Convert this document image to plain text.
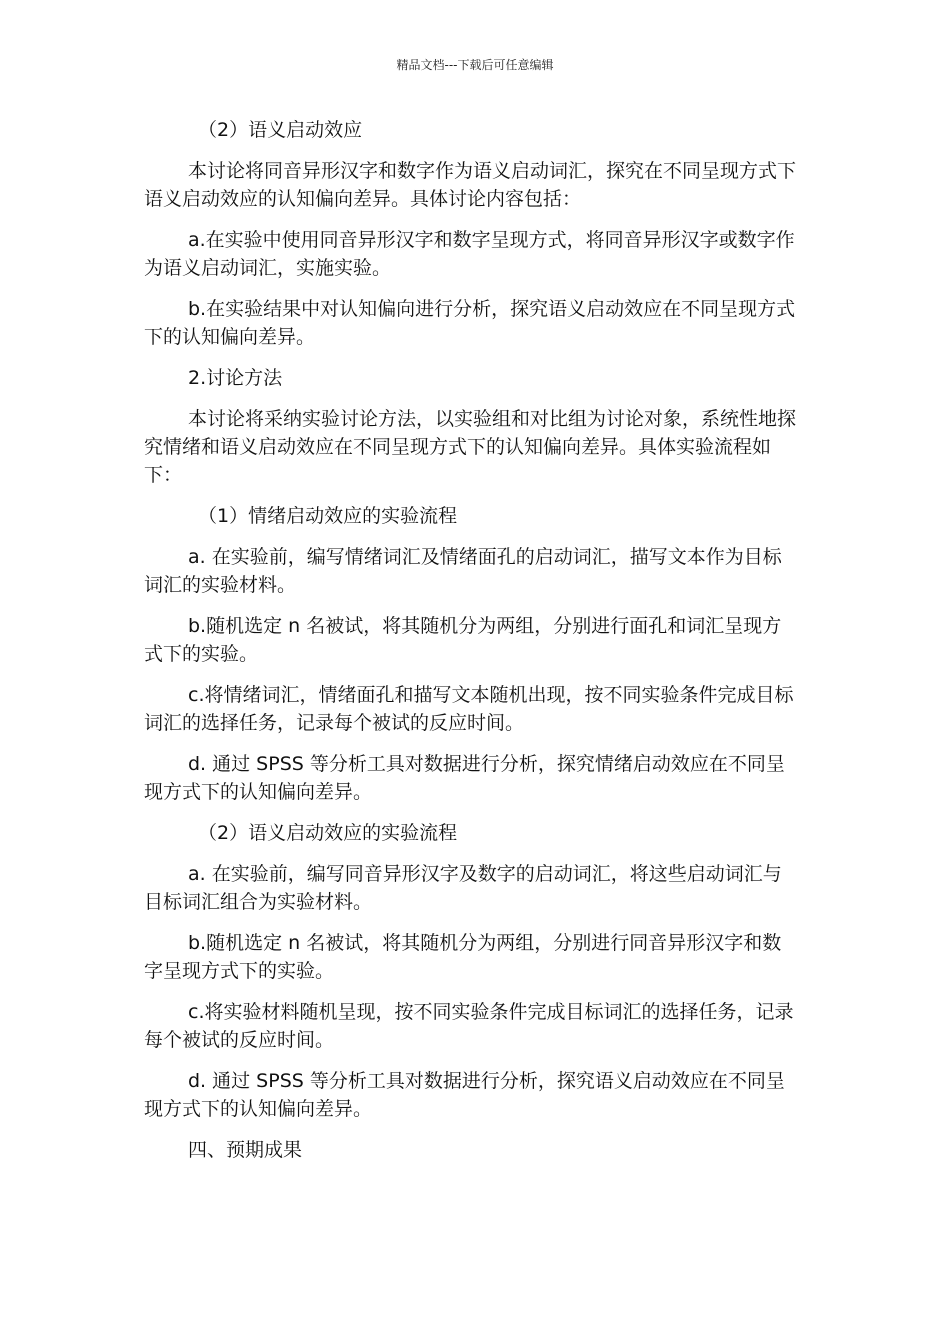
精品文档---下载后可任意编辑

（2）语义启动效应

本讨论将同音异形汉字和数字作为语义启动词汇，探究在不同呈现方式下语义启动效应的认知偏向差异。具体讨论内容包括：

a.在实验中使用同音异形汉字和数字呈现方式，将同音异形汉字或数字作为语义启动词汇，实施实验。

b.在实验结果中对认知偏向进行分析，探究语义启动效应在不同呈现方式下的认知偏向差异。

2.讨论方法

本讨论将采纳实验讨论方法，以实验组和对比组为讨论对象，系统性地探究情绪和语义启动效应在不同呈现方式下的认知偏向差异。具体实验流程如下：

（1）情绪启动效应的实验流程

a. 在实验前，编写情绪词汇及情绪面孔的启动词汇，描写文本作为目标词汇的实验材料。

b.随机选定 n 名被试，将其随机分为两组，分别进行面孔和词汇呈现方式下的实验。

c.将情绪词汇，情绪面孔和描写文本随机出现，按不同实验条件完成目标词汇的选择任务，记录每个被试的反应时间。

d. 通过 SPSS 等分析工具对数据进行分析，探究情绪启动效应在不同呈现方式下的认知偏向差异。

（2）语义启动效应的实验流程

a. 在实验前，编写同音异形汉字及数字的启动词汇，将这些启动词汇与目标词汇组合为实验材料。

b.随机选定 n 名被试，将其随机分为两组，分别进行同音异形汉字和数字呈现方式下的实验。

c.将实验材料随机呈现，按不同实验条件完成目标词汇的选择任务，记录每个被试的反应时间。

d. 通过 SPSS 等分析工具对数据进行分析，探究语义启动效应在不同呈现方式下的认知偏向差异。

四、预期成果
